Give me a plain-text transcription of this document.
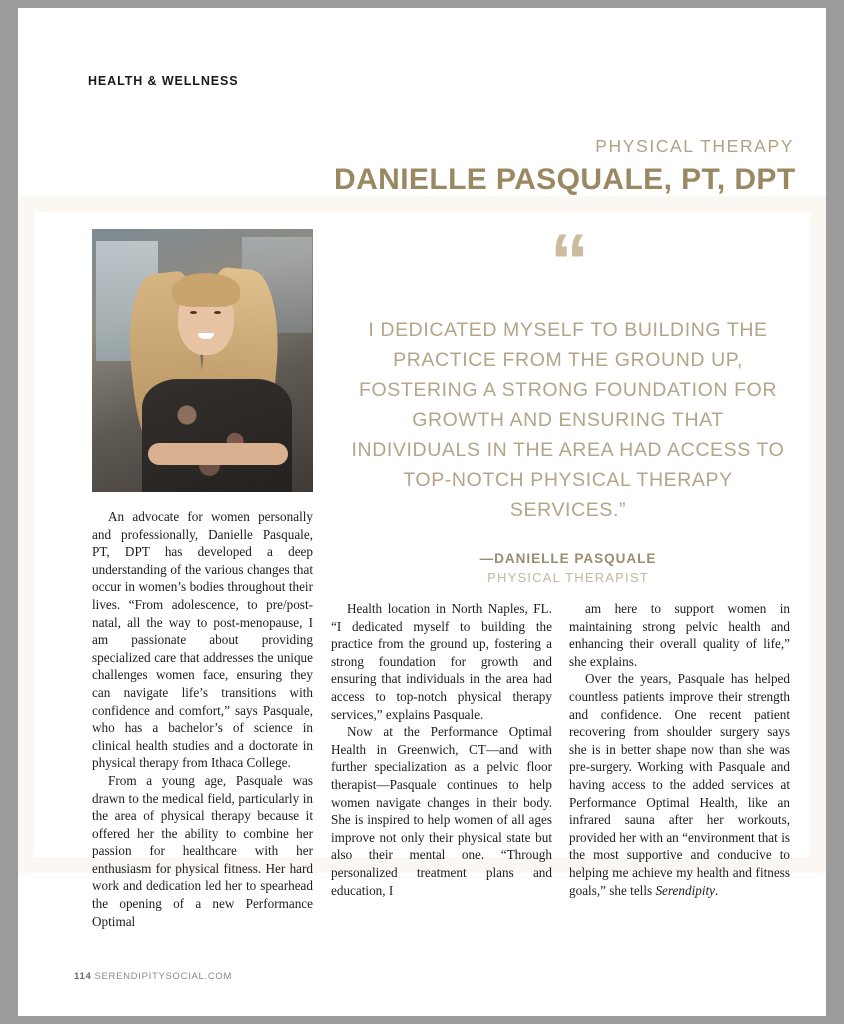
HEALTH & WELLNESS
PHYSICAL THERAPY
DANIELLE PASQUALE, PT, DPT
“
I DEDICATED MYSELF TO BUILDING THE PRACTICE FROM THE GROUND UP, FOSTERING A STRONG FOUNDATION FOR GROWTH AND ENSURING THAT INDIVIDUALS IN THE AREA HAD ACCESS TO TOP-NOTCH PHYSICAL THERAPY SERVICES.”
—DANIELLE PASQUALE
PHYSICAL THERAPIST

An advocate for women personally and professionally, Danielle Pasquale, PT, DPT has developed a deep understanding of the various changes that occur in women’s bodies throughout their lives. “From adolescence, to pre/post-natal, all the way to post-menopause, I am passionate about providing specialized care that addresses the unique challenges women face, ensuring they can navigate life’s transitions with confidence and comfort,” says Pasquale, who has a bachelor’s of science in clinical health studies and a doctorate in physical therapy from Ithaca College.

From a young age, Pasquale was drawn to the medical field, particularly in the area of physical therapy because it offered her the ability to combine her passion for healthcare with her enthusiasm for physical fitness. Her hard work and dedication led her to spearhead the opening of a new Performance Optimal

Health location in North Naples, FL. “I dedicated myself to building the practice from the ground up, fostering a strong foundation for growth and ensuring that individuals in the area had access to top-notch physical therapy services,” explains Pasquale.

Now at the Performance Optimal Health in Greenwich, CT—and with further specialization as a pelvic floor therapist—Pasquale continues to help women navigate changes in their body. She is inspired to help women of all ages improve not only their physical state but also their mental one. “Through personalized treatment plans and education, I

am here to support women in maintaining strong pelvic health and enhancing their overall quality of life,” she explains.

Over the years, Pasquale has helped countless patients improve their strength and confidence. One recent patient recovering from shoulder surgery says she is in better shape now than she was pre-surgery. Working with Pasquale and having access to the added services at Performance Optimal Health, like an infrared sauna after her workouts, provided her with an “environment that is the most supportive and conducive to helping me achieve my health and fitness goals,” she tells Serendipity.

114 SERENDIPITYSOCIAL.COM
